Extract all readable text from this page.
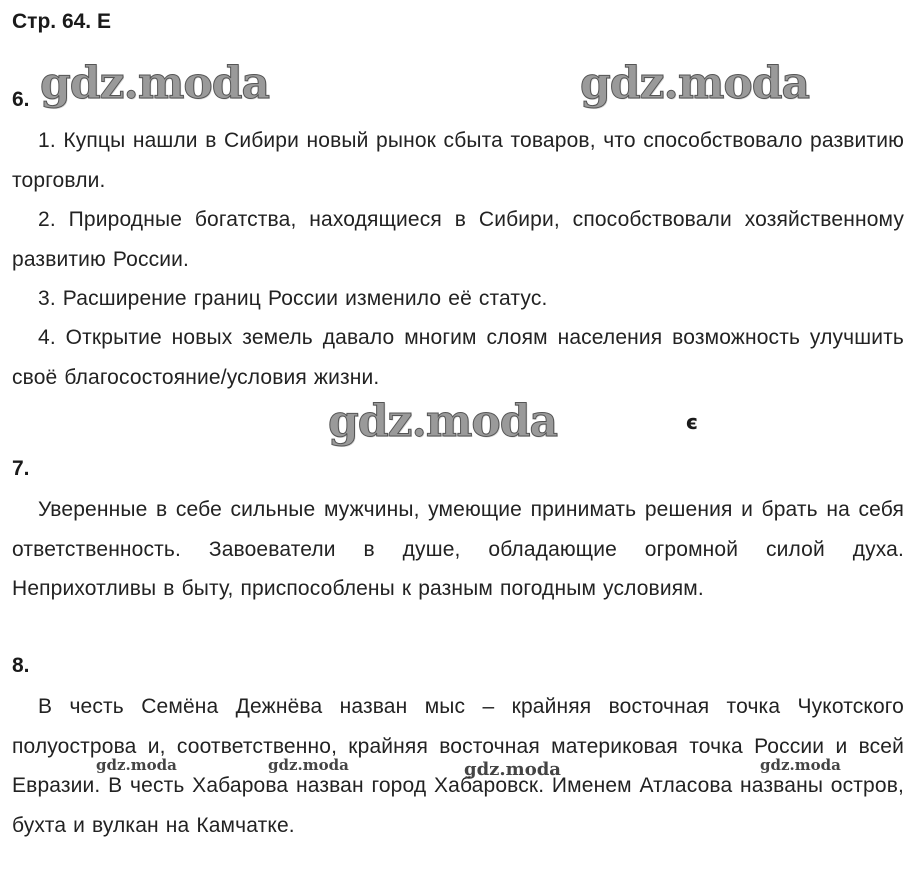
Стр. 64. Е
6.

1. Купцы нашли в Сибири новый рынок сбыта товаров, что способствовало развитию торговли.

2. Природные богатства, находящиеся в Сибири, способствовали хозяйственному развитию России.

3. Расширение границ России изменило её статус.

4. Открытие новых земель давало многим слоям населения возможность улучшить своё благосостояние/условия жизни.

7.

Уверенные в себе сильные мужчины, умеющие принимать решения и брать на себя ответственность. Завоеватели в душе, обладающие огромной силой духа. Неприхотливы в быту, приспособлены к разным погодным условиям.

8.

В честь Семёна Дежнёва назван мыс – крайняя восточная точка Чукотского полуострова и, соответственно, крайняя восточная материковая точка России и всей Евразии. В честь Хабарова назван город Хабаровск. Именем Атласова названы остров, бухта и вулкан на Камчатке.

gdz.moda	gdz.moda
gdz.moda	є
gdz.moda	gdz.moda	gdz.moda	gdz.moda
